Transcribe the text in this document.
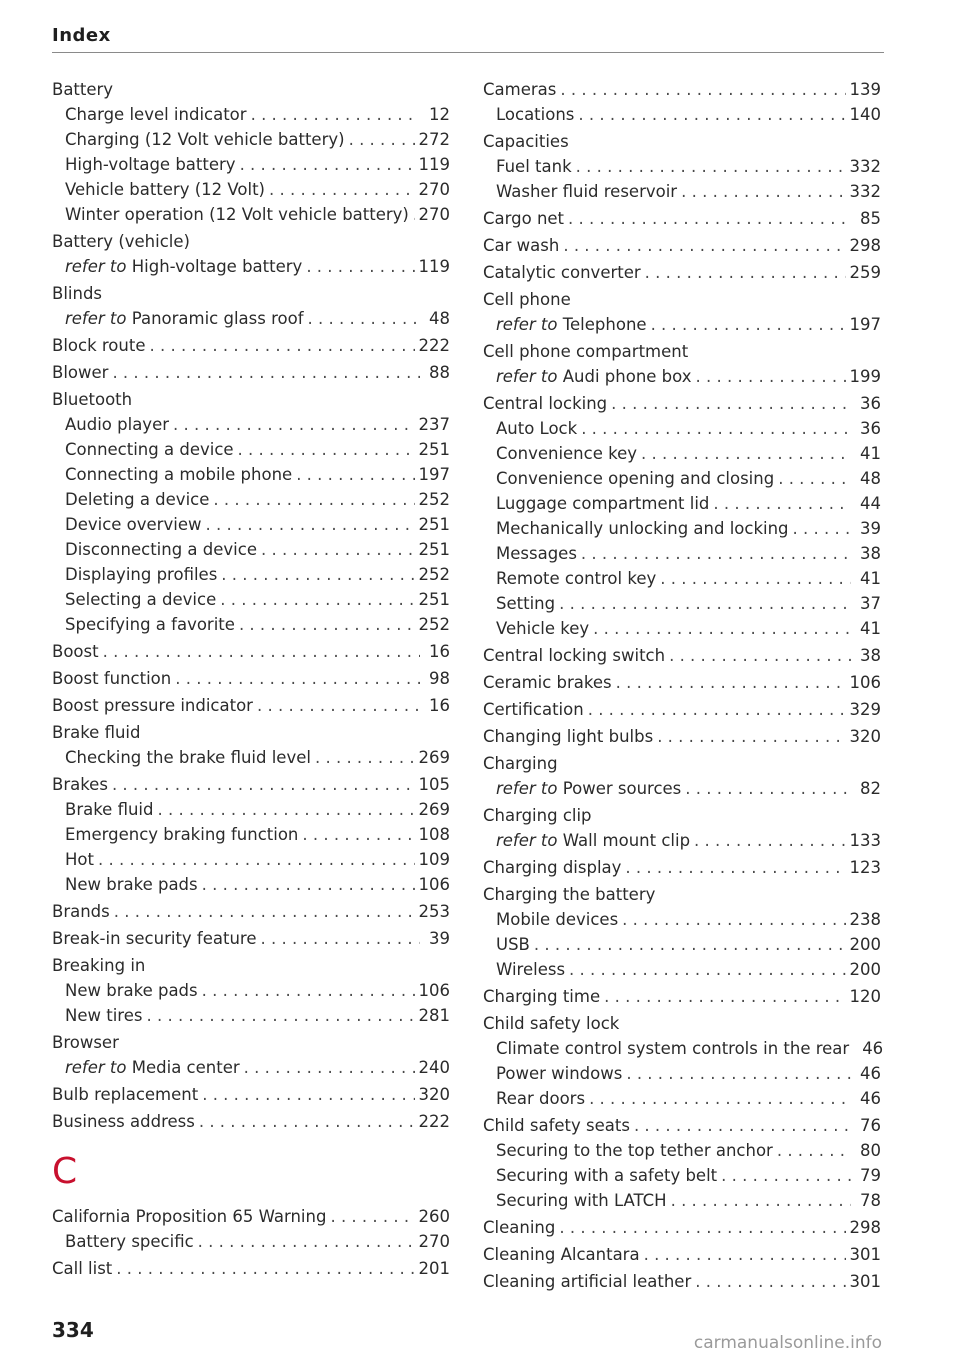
Index
Battery
Charge level indicator . . .	12
Charging (12 Volt vehicle battery) . . .	272
High-voltage battery . . .	119
Vehicle battery (12 Volt) . . .	270
Winter operation (12 Volt vehicle battery) . . . 270
Battery (vehicle)
refer to High-voltage battery . . .	119
Blinds
refer to Panoramic glass roof . . .	48
Block route . . .	222
Blower . . .	88
Bluetooth
Audio player . . .	237
Connecting a device . . .	251
Connecting a mobile phone . . .	197
Deleting a device . . .	252
Device overview . . .	251
Disconnecting a device . . .	251
Displaying profiles . . .	252
Selecting a device . . .	251
Specifying a favorite . . .	252
Boost . . .	16
Boost function . . .	98
Boost pressure indicator . . .	16
Brake fluid
Checking the brake fluid level . . .	269
Brakes . . .	105
Brake fluid . . .	269
Emergency braking function . . .	108
Hot . . .	109
New brake pads . . .	106
Brands . . .	253
Break-in security feature . . .	39
Breaking in
New brake pads . . .	106
New tires . . .	281
Browser
refer to Media center . . .	240
Bulb replacement . . .	320
Business address . . .	222
C
California Proposition 65 Warning . . .	260
Battery specific . . .	270
Call list . . .	201
Cameras . . .	139
Locations . . .	140
Capacities
Fuel tank . . .	332
Washer fluid reservoir . . .	332
Cargo net . . .	85
Car wash . . .	298
Catalytic converter . . .	259
Cell phone
refer to Telephone . . .	197
Cell phone compartment
refer to Audi phone box . . .	199
Central locking . . .	36
Auto Lock . . .	36
Convenience key . . .	41
Convenience opening and closing . . .	48
Luggage compartment lid . . .	44
Mechanically unlocking and locking . . .	39
Messages . . .	38
Remote control key . . .	41
Setting . . .	37
Vehicle key . . .	41
Central locking switch . . .	38
Ceramic brakes . . .	106
Certification . . .	329
Changing light bulbs . . .	320
Charging
refer to Power sources . . .	82
Charging clip
refer to Wall mount clip . . .	133
Charging display . . .	123
Charging the battery
Mobile devices . . .	238
USB . . .	200
Wireless . . .	200
Charging time . . .	120
Child safety lock
Climate control system controls in the rear 46
Power windows . . .	46
Rear doors . . .	46
Child safety seats . . .	76
Securing to the top tether anchor . . .	80
Securing with a safety belt . . .	79
Securing with LATCH . . .	78
Cleaning . . .	298
Cleaning Alcantara . . .	301
Cleaning artificial leather . . .	301
334
carmanualsonline.info
